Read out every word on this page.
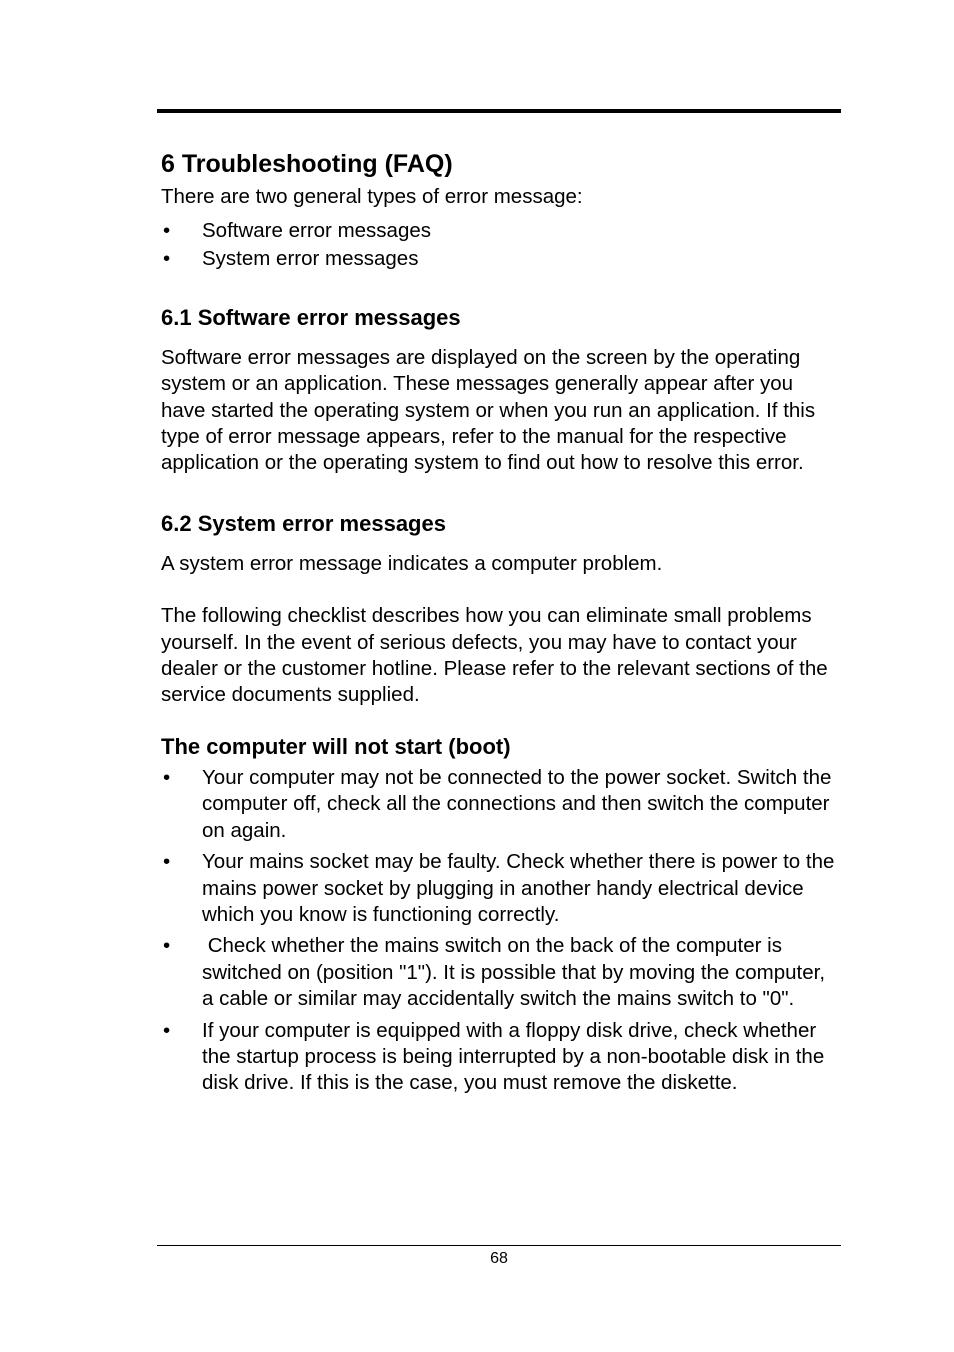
6 Troubleshooting (FAQ)

There are two general types of error message:

• Software error messages
• System error messages
6.1 Software error messages

Software error messages are displayed on the screen by the operating system or an application. These messages generally appear after you have started the operating system or when you run an application. If this type of error message appears, refer to the manual for the respective application or the operating system to find out how to resolve this error.

6.2 System error messages

A system error message indicates a computer problem.

The following checklist describes how you can eliminate small problems yourself. In the event of serious defects, you may have to contact your dealer or the customer hotline. Please refer to the relevant sections of the service documents supplied.

The computer will not start (boot)
• Your computer may not be connected to the power socket. Switch the computer off, check all the connections and then switch the computer on again.
• Your mains socket may be faulty. Check whether there is power to the mains power socket by plugging in another handy electrical device which you know is functioning correctly.
•  Check whether the mains switch on the back of the computer is switched on (position "1"). It is possible that by moving the computer, a cable or similar may accidentally switch the mains switch to "0".
• If your computer is equipped with a floppy disk drive, check whether the startup process is being interrupted by a non-bootable disk in the disk drive. If this is the case, you must remove the diskette.
68
